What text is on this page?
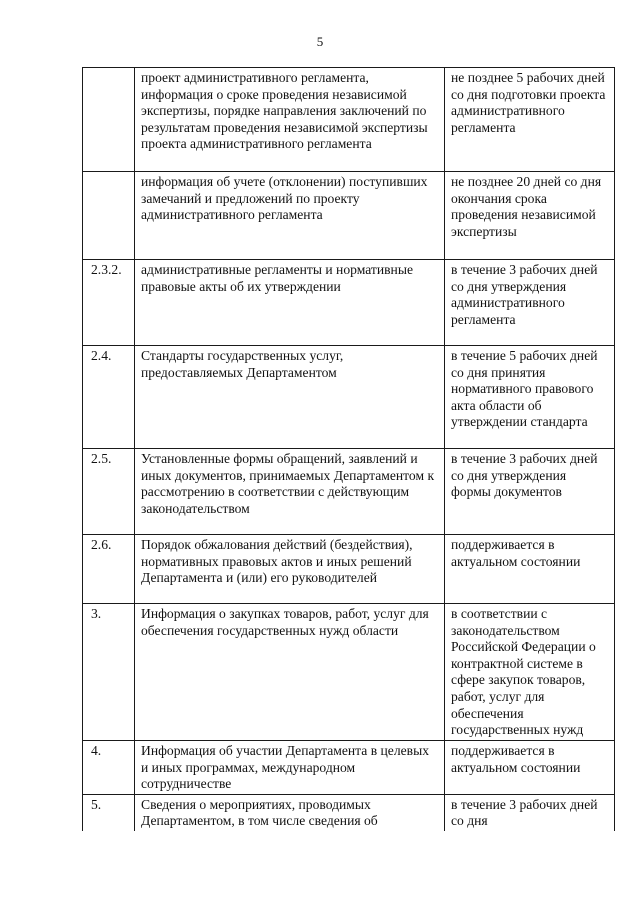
5
	проект административного регламента, информация о сроке проведения независимой экспертизы, порядке направления заключений по результатам проведения независимой экспертизы проекта административного регламента	не позднее 5 рабочих дней со дня подготовки проекта административного регламента
	информация об учете (отклонении) поступивших замечаний и предложений по проекту административного регламента	не позднее 20 дней со дня окончания срока проведения независимой экспертизы
2.3.2.	административные регламенты и нормативные правовые акты об их утверждении	в течение 3 рабочих дней со дня утверждения административного регламента
2.4.	Стандарты государственных услуг, предоставляемых Департаментом	в течение 5 рабочих дней со дня принятия нормативного правового акта области об утверждении стандарта
2.5.	Установленные формы обращений, заявлений и иных документов, принимаемых Департаментом к рассмотрению в соответствии с действующим законодательством	в течение 3 рабочих дней со дня утверждения формы документов
2.6.	Порядок обжалования действий (бездействия), нормативных правовых актов и иных решений Департамента и (или) его руководителей	поддерживается в актуальном состоянии
3.	Информация о закупках товаров, работ, услуг для обеспечения государственных нужд области	в соответствии с законодательством Российской Федерации о контрактной системе в сфере закупок товаров, работ, услуг для обеспечения государственных нужд
4.	Информация об участии Департамента в целевых и иных программах, международном сотрудничестве	поддерживается в актуальном состоянии
5.	Сведения о мероприятиях, проводимых Департаментом, в том числе сведения об	в течение 3 рабочих дней со дня
